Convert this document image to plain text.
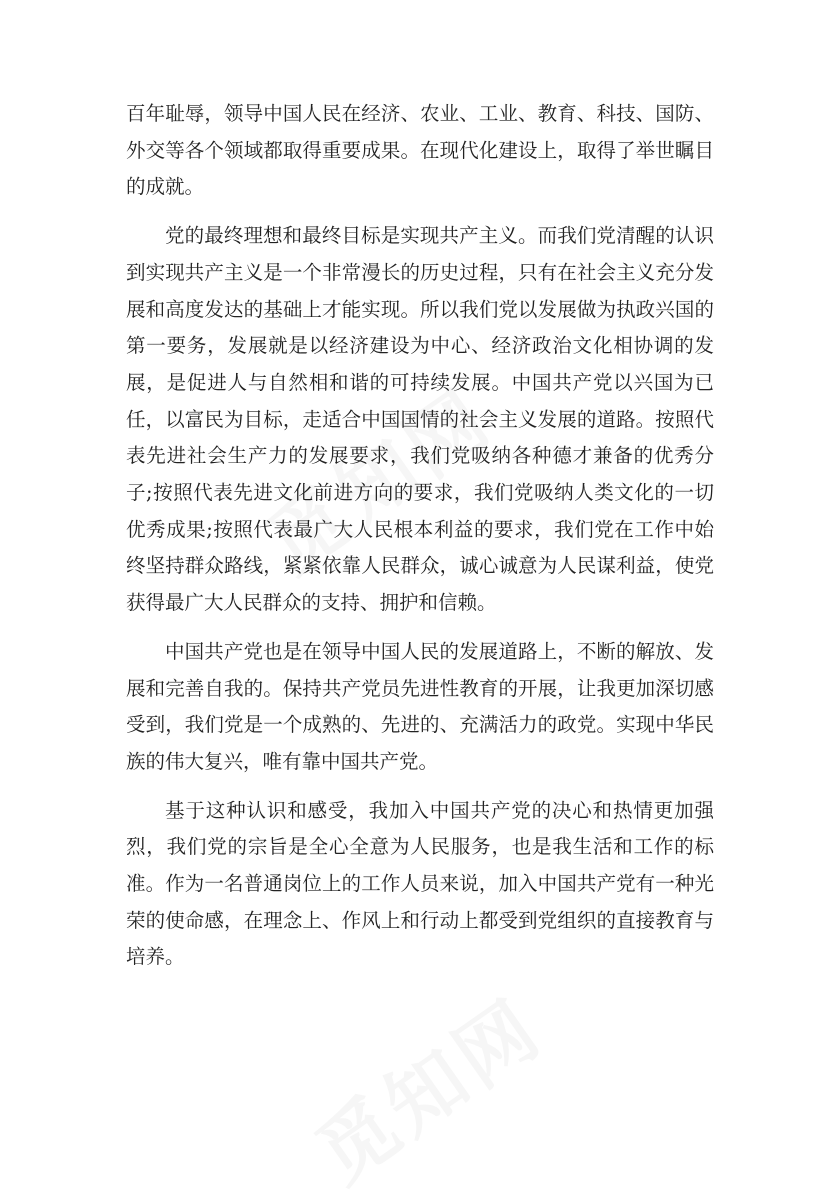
百年耻辱，领导中国人民在经济、农业、工业、教育、科技、国防、外交等各个领域都取得重要成果。在现代化建设上，取得了举世瞩目的成就。

党的最终理想和最终目标是实现共产主义。而我们党清醒的认识到实现共产主义是一个非常漫长的历史过程，只有在社会主义充分发展和高度发达的基础上才能实现。所以我们党以发展做为执政兴国的第一要务，发展就是以经济建设为中心、经济政治文化相协调的发展，是促进人与自然相和谐的可持续发展。中国共产党以兴国为已任，以富民为目标，走适合中国国情的社会主义发展的道路。按照代表先进社会生产力的发展要求，我们党吸纳各种德才兼备的优秀分子;按照代表先进文化前进方向的要求，我们党吸纳人类文化的一切优秀成果;按照代表最广大人民根本利益的要求，我们党在工作中始终坚持群众路线，紧紧依靠人民群众，诚心诚意为人民谋利益，使党获得最广大人民群众的支持、拥护和信赖。

中国共产党也是在领导中国人民的发展道路上，不断的解放、发展和完善自我的。保持共产党员先进性教育的开展，让我更加深切感受到，我们党是一个成熟的、先进的、充满活力的政党。实现中华民族的伟大复兴，唯有靠中国共产党。

基于这种认识和感受，我加入中国共产党的决心和热情更加强烈，我们党的宗旨是全心全意为人民服务，也是我生活和工作的标准。作为一名普通岗位上的工作人员来说，加入中国共产党有一种光荣的使命感，在理念上、作风上和行动上都受到党组织的直接教育与培养。
